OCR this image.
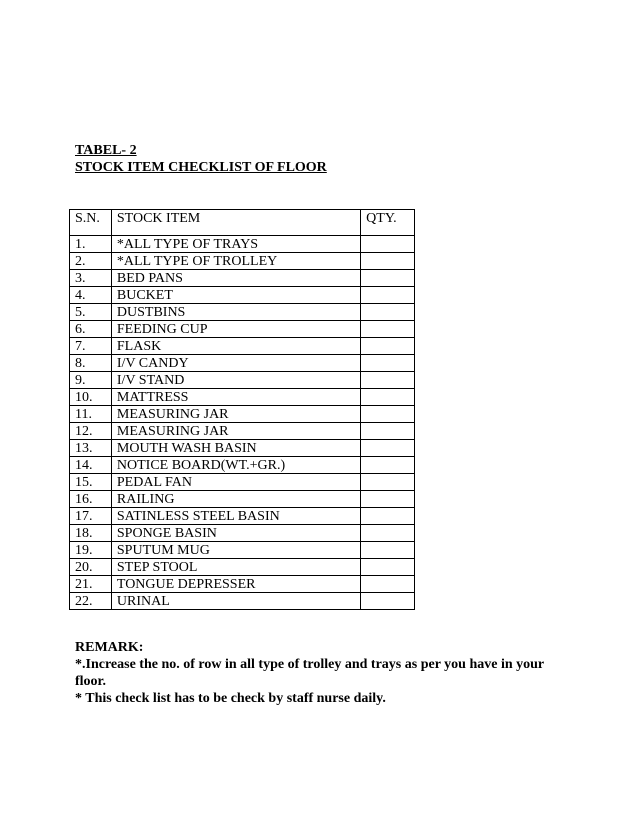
TABEL- 2
STOCK ITEM CHECKLIST OF FLOOR
S.N.	STOCK ITEM	QTY.
1.	*ALL TYPE OF TRAYS	
2.	*ALL TYPE OF TROLLEY	
3.	BED PANS	
4.	BUCKET	
5.	DUSTBINS	
6.	FEEDING CUP	
7.	FLASK	
8.	I/V CANDY	
9.	I/V STAND	
10.	MATTRESS	
11.	MEASURING JAR	
12.	MEASURING JAR	
13.	MOUTH WASH BASIN	
14.	NOTICE BOARD(WT.+GR.)	
15.	PEDAL FAN	
16.	RAILING	
17.	SATINLESS STEEL BASIN	
18.	SPONGE BASIN	
19.	SPUTUM MUG	
20.	STEP STOOL	
21.	TONGUE DEPRESSER	
22.	URINAL	
REMARK:
*.Increase the no. of row in all type of trolley and trays as per you have in your floor.
* This check list has to be check by staff nurse daily.
